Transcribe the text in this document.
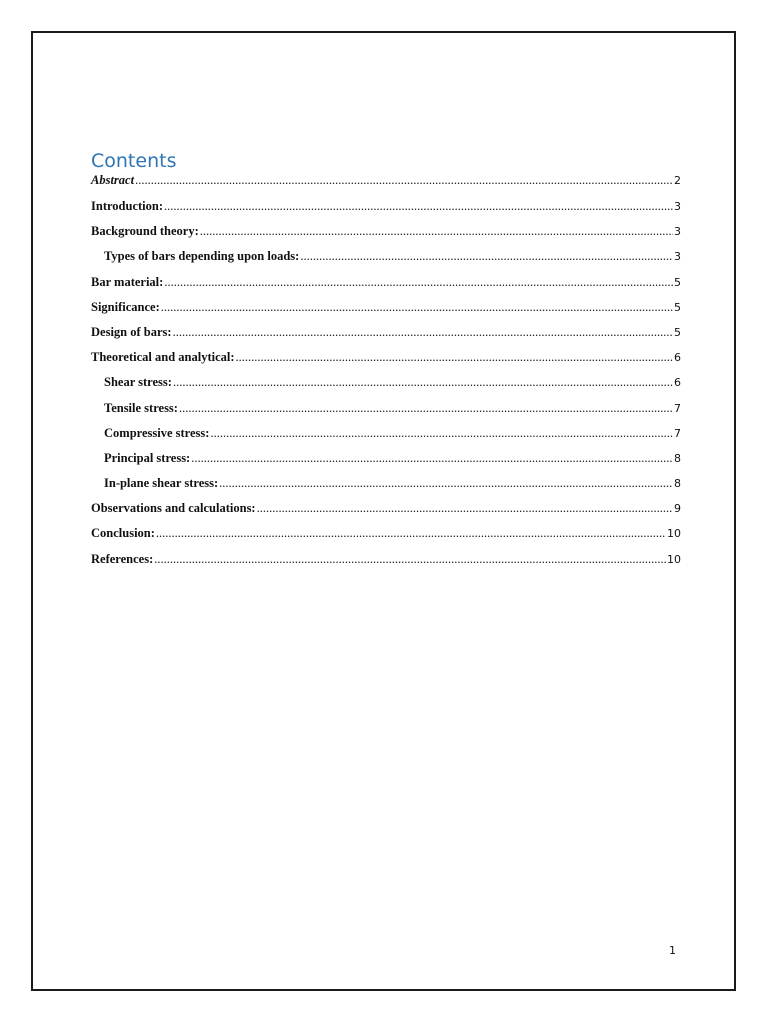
Contents
Abstract .....	2
Introduction: .....	3
Background theory: .....	3
Types of bars depending upon loads: .....	3
Bar material: .....	5
Significance: .....	5
Design of bars: .....	5
Theoretical and analytical: .....	6
Shear stress: .....	6
Tensile stress: .....	7
Compressive stress: .....	7
Principal stress: .....	8
In-plane shear stress: .....	8
Observations and calculations: .....	9
Conclusion: .....	10
References: .....	10
1
